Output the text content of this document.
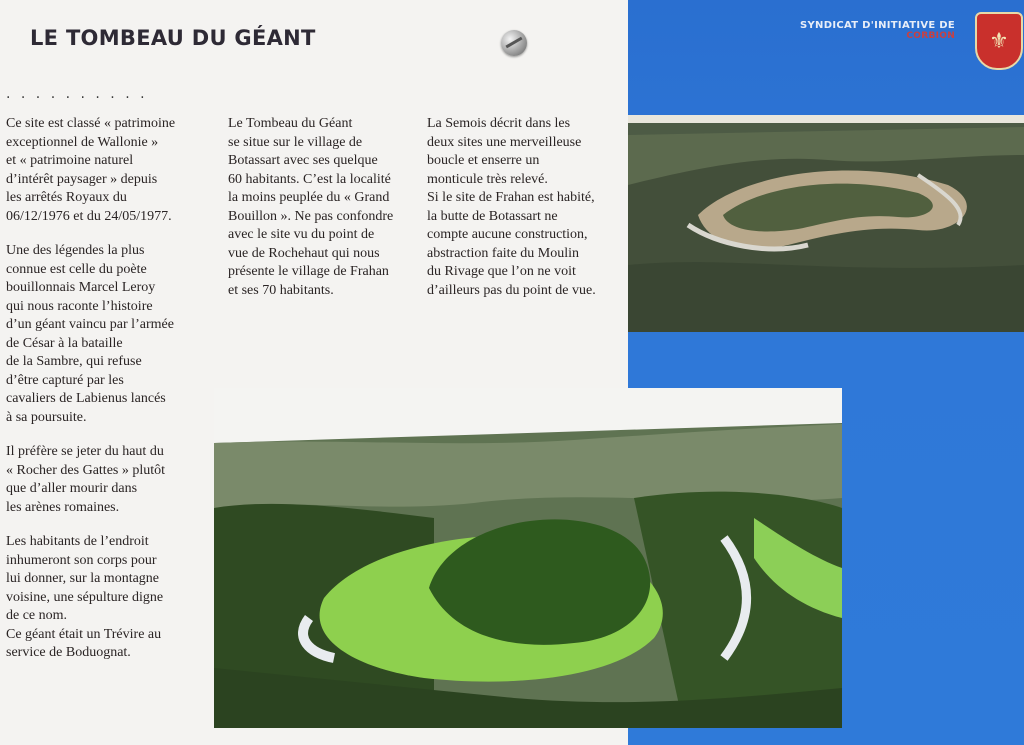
LE TOMBEAU DU GÉANT
. . . . . . . . . .

Ce site est classé « patrimoine
exceptionnel de Wallonie »
et « patrimoine naturel
d’intérêt paysager » depuis
les arrêtés Royaux du
06/12/1976 et du 24/05/1977.

Une des légendes la plus
connue est celle du poète
bouillonnais Marcel Leroy
qui nous raconte l’histoire
d’un géant vaincu par l’armée
de César à la bataille
de la Sambre, qui refuse
d’être capturé par les
cavaliers de Labienus lancés
à sa poursuite.

Il préfère se jeter du haut du
« Rocher des Gattes » plutôt
que d’aller mourir dans
les arènes romaines.

Les habitants de l’endroit
inhumeront son corps pour
lui donner, sur la montagne
voisine, une sépulture digne
de ce nom.
Ce géant était un Trévire au
service de Boduognat.

Le Tombeau du Géant
se situe sur le village de
Botassart avec ses quelque
60 habitants. C’est la localité
la moins peuplée du « Grand
Bouillon ». Ne pas confondre
avec le site vu du point de
vue de Rochehaut qui nous
présente le village de Frahan
et ses 70 habitants.

La Semois décrit dans les
deux sites une merveilleuse
boucle et enserre un
monticule très relevé.
Si le site de Frahan est habité,
la butte de Botassart ne
compte aucune construction,
abstraction faite du Moulin
du Rivage que l’on ne voit
d’ailleurs pas du point de vue.

SYNDICAT D'INITIATIVE DE
CORBION	⚜
